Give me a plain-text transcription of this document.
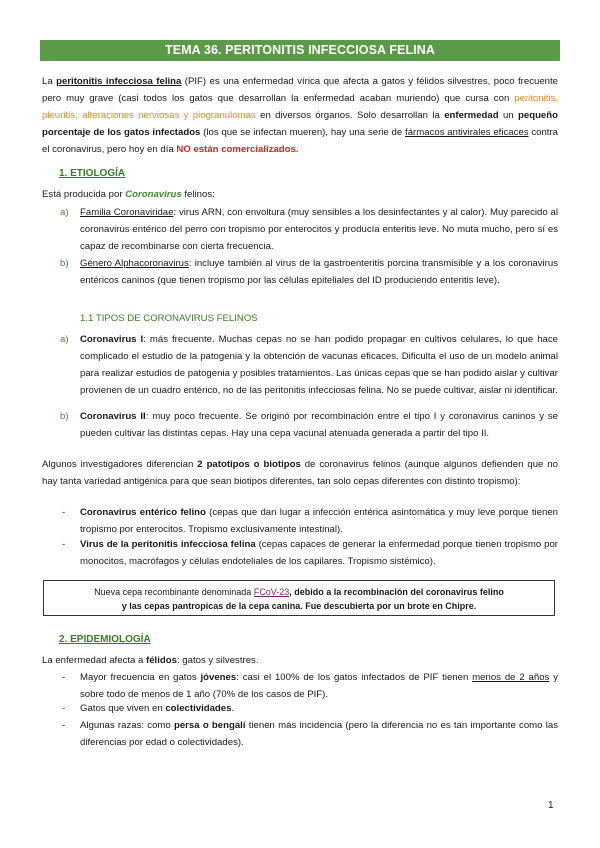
TEMA 36. PERITONITIS INFECCIOSA FELINA
La peritonitis infecciosa felina (PIF) es una enfermedad vírica que afecta a gatos y félidos silvestres, poco frecuente pero muy grave (casi todos los gatos que desarrollan la enfermedad acaban muriendo) que cursa con peritonitis, pleuritis, alteraciones nerviosas y piogranulomas en diversos órganos. Solo desarrollan la enfermedad un pequeño porcentaje de los gatos infectados (los que se infectan mueren), hay una serie de fármacos antivirales eficaces contra el coronavirus, pero hoy en día NO están comercializados.
1. ETIOLOGÍA
Está producida por Coronavirus felinos:
a) Familia Coronaviridae: virus ARN, con envoltura (muy sensibles a los desinfectantes y al calor). Muy parecido al coronavirus entérico del perro con tropismo por enterocitos y producía enteritis leve. No muta mucho, pero sí es capaz de recombinarse con cierta frecuencia.
b) Género Alphacoronavirus: incluye también al virus de la gastroenteritis porcina transmisible y a los coronavirus entéricos caninos (que tienen tropismo por las células epiteliales del ID produciendo enteritis leve).
1.1 TIPOS DE CORONAVIRUS FELINOS
a) Coronavirus I: más frecuente. Muchas cepas no se han podido propagar en cultivos celulares, lo que hace complicado el estudio de la patogenia y la obtención de vacunas eficaces. Dificulta el uso de un modelo animal para realizar estudios de patogenia y posibles tratamientos. Las únicas cepas que se han podido aislar y cultivar provienen de un cuadro entérico, no de las peritonitis infecciosas felina. No se puede cultivar, aislar ni identificar.
b) Coronavirus II: muy poco frecuente. Se originó por recombinación entre el tipo I y coronavirus caninos y se pueden cultivar las distintas cepas. Hay una cepa vacunal atenuada generada a partir del tipo II.
Algunos investigadores diferencian 2 patotipos o biotipos de coronavirus felinos (aunque algunos defienden que no hay tanta variedad antigénica para que sean biotipos diferentes, tan solo cepas diferentes con distinto tropismo):
- Coronavirus entérico felino (cepas que dan lugar a infección entérica asintomática y muy leve porque tienen tropismo por enterocitos. Tropismo exclusivamente intestinal).
- Virus de la peritonitis infecciosa felina (cepas capaces de generar la enfermedad porque tienen tropismo por monocitos, macrófagos y células endoteliales de los capilares. Tropismo sistémico).
Nueva cepa recombinante denominada FCoV-23, debido a la recombinación del coronavirus felino
y las cepas pantropicas de la cepa canina. Fue descubierta por un brote en Chipre.
2. EPIDEMIOLOGÍA
La enfermedad afecta a félidos: gatos y silvestres.
- Mayor frecuencia en gatos jóvenes: casi el 100% de los gatos infectados de PIF tienen menos de 2 años y sobre todo de menos de 1 año (70% de los casos de PIF).
- Gatos que viven en colectividades.
- Algunas razas: como persa o bengalí tienen más incidencia (pero la diferencia no es tan importante como las diferencias por edad o colectividades).
1
